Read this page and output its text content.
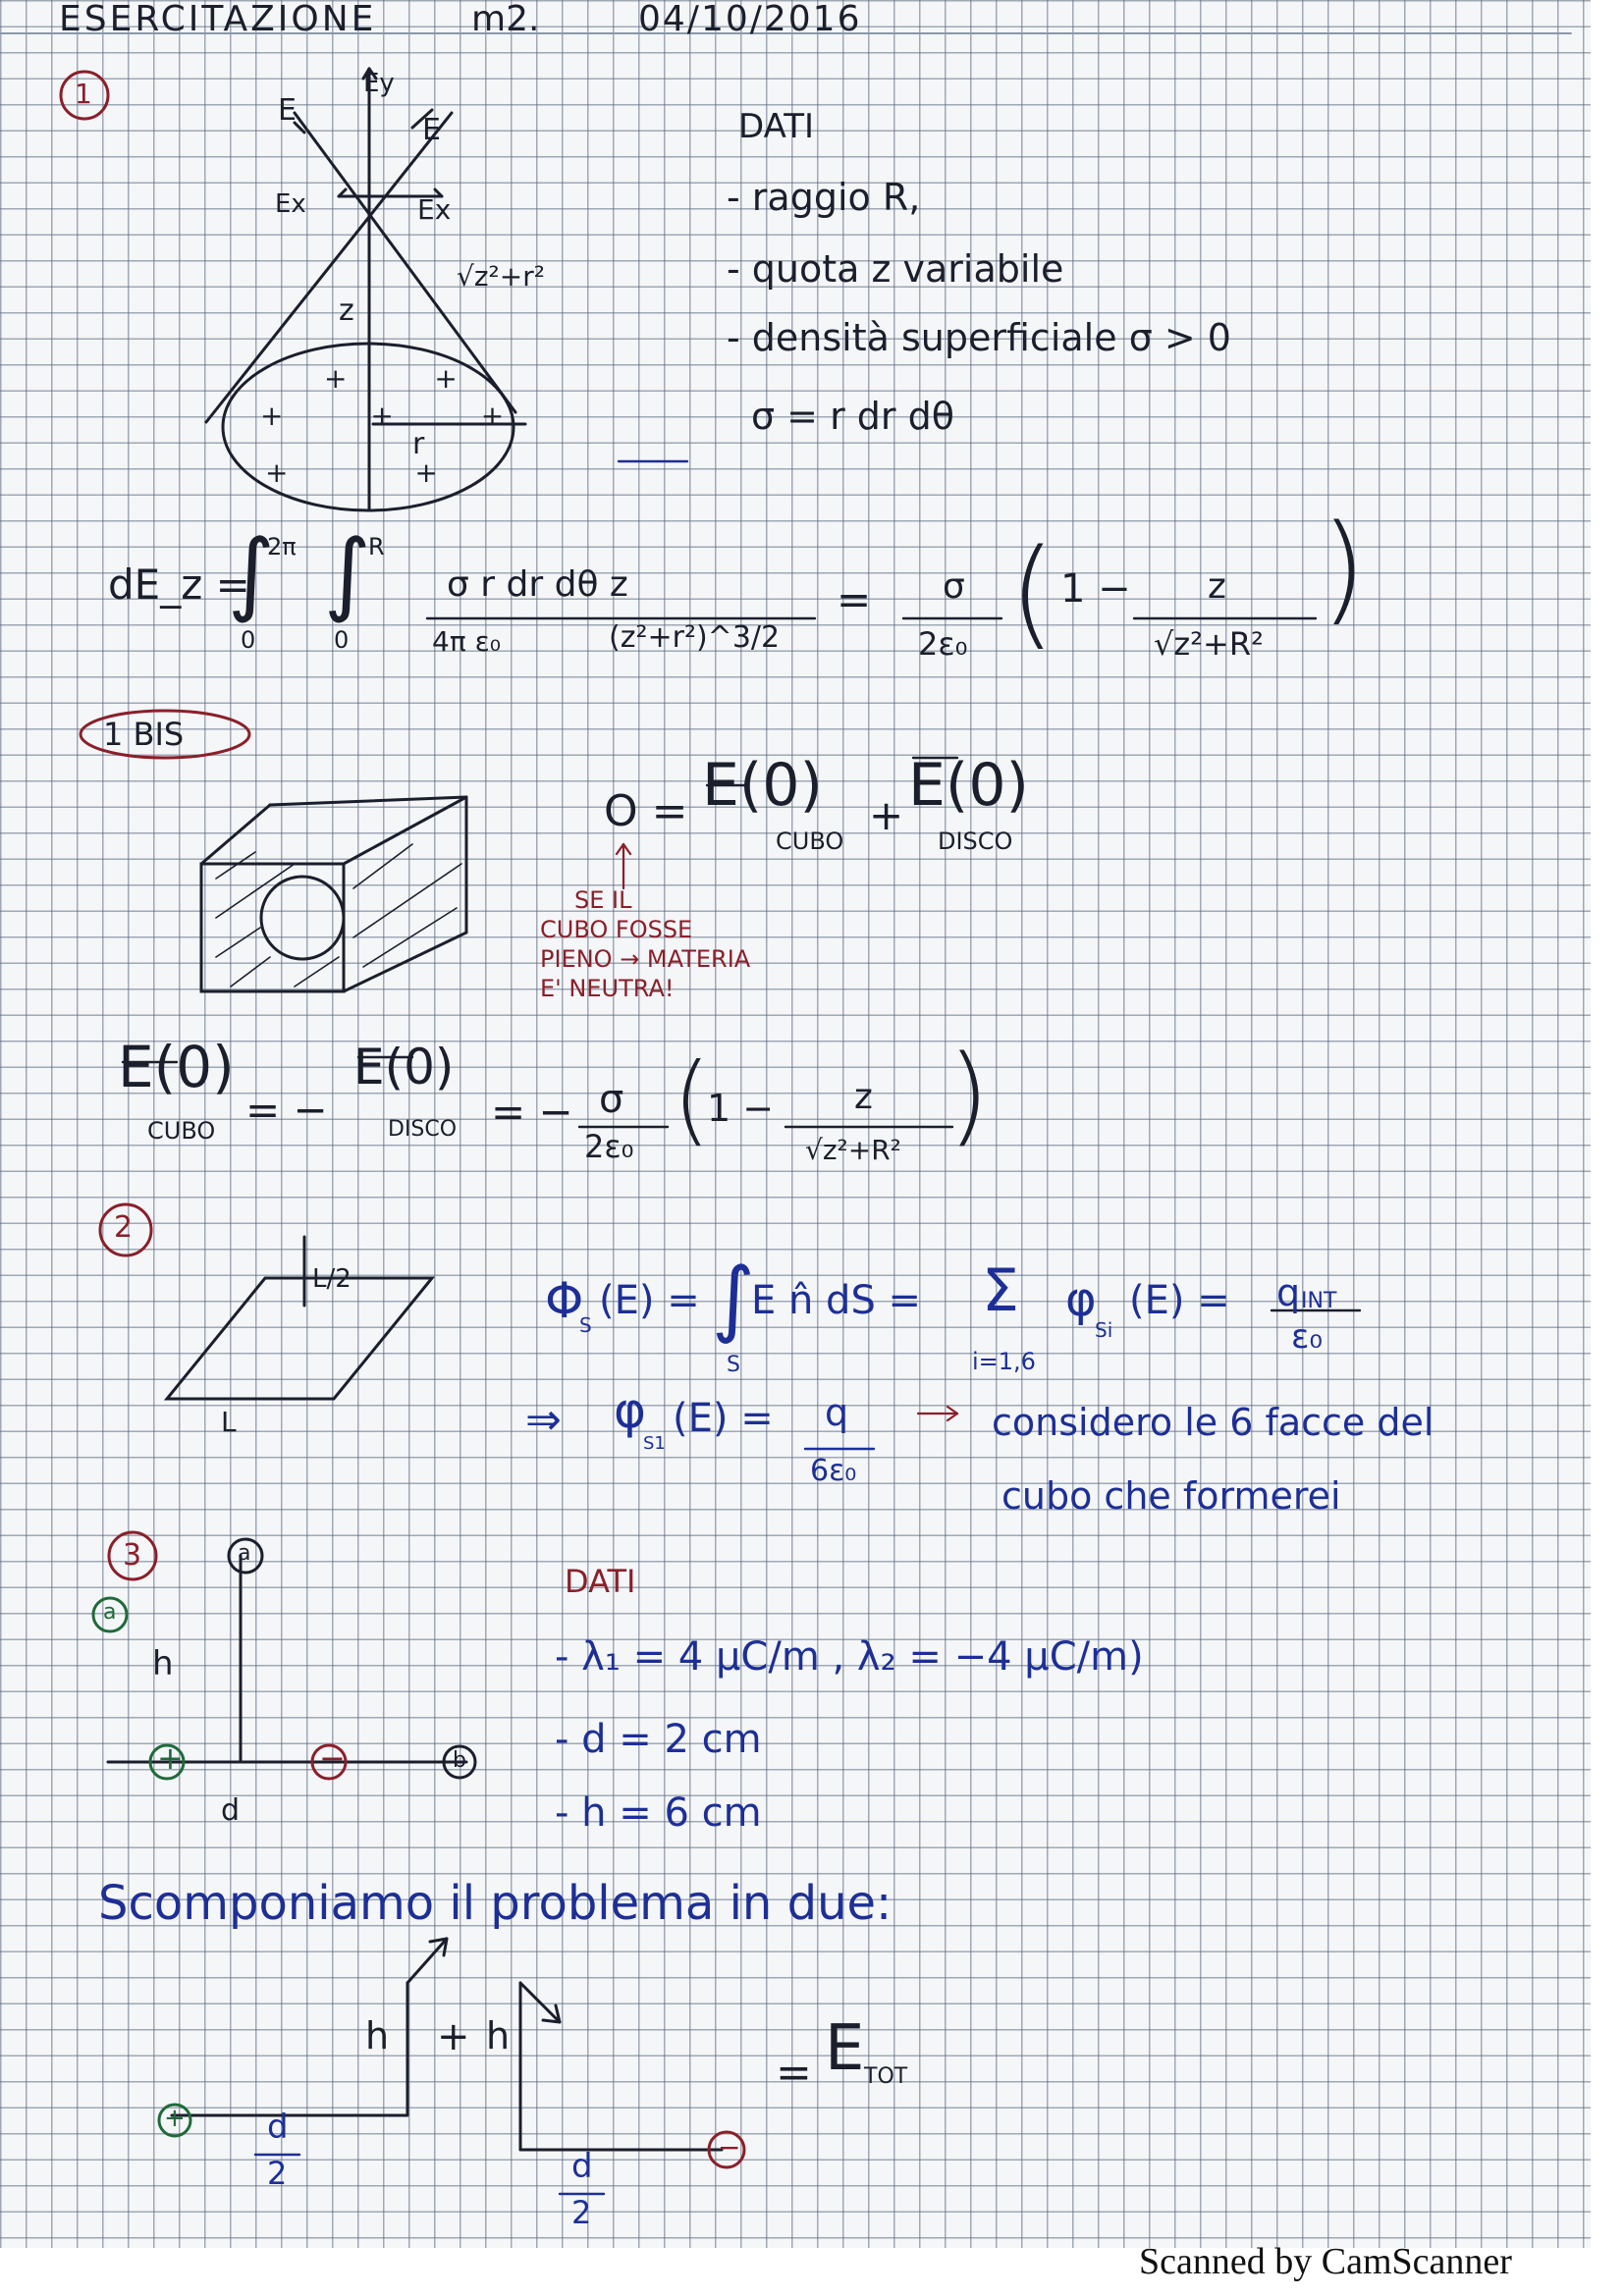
ESERCITAZIONE	m2.	04/10/2016
1	E
Ey
E
Ex	Ex
√z²+r²
z
r
+ +
+ + +
+ +
DATI
- raggio R,
- quota z variabile
- densità superficiale σ > 0
σ = r dr dθ
dE_z =
∫
2π
0
∫
R
0
σ r dr dθ z
4π ε₀	(z²+r²)^3/2
= σ
2ε₀ ( 1 − z
√z²+R²
)
1 BIS
O = E(0)
CUBO
+ E(0)
DISCO
SE IL
CUBO FOSSE
PIENO → MATERIA
E' NEUTRA!
E(0)
CUBO = −
E(0)
DISCO = − σ
2ε₀ (
1 − z
√z²+R² )
2
L/2
L
Φ
S
(E) = ∫
S
E n̂ dS = Σ
i=1,6
φ
Si
(E) = q INT
ε₀
⇒ φ
S1
(E) = q
6ε₀
considero le 6 facce del
cubo che formerei
3	a
a
b
h
d
+	−
DATI
- λ₁ = 4 μC/m , λ₂ = −4 μC/m)
- d = 2 cm
- h = 6 cm
Scomponiamo il problema in due:
h + h
d
2	d
2
= E TOT
+
−
Scanned by CamScanner
